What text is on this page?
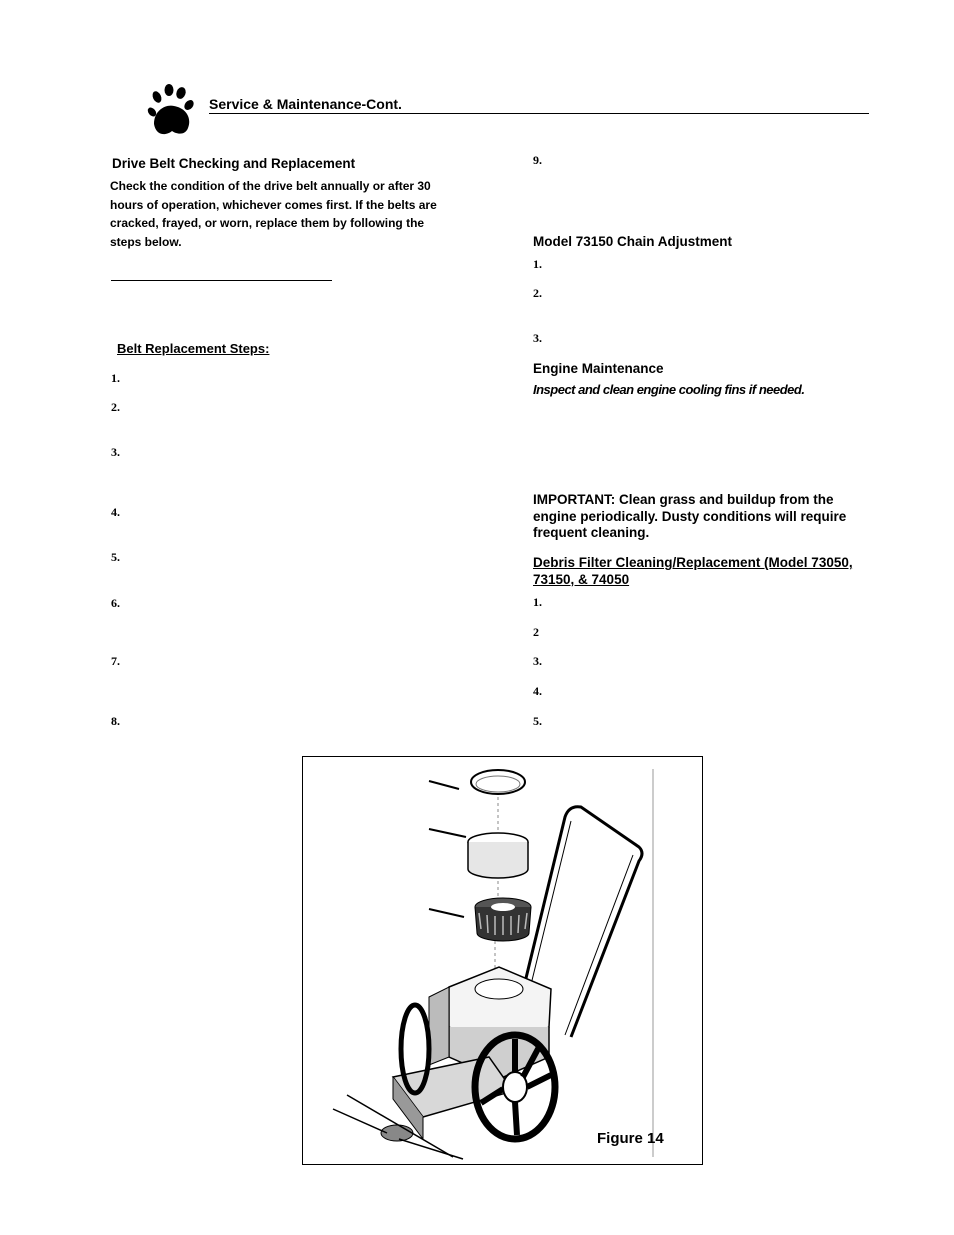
Service & Maintenance-Cont.
Drive Belt Checking and Replacement
Check the condition of the drive belt annually or after 30
hours of operation, whichever comes first. If the belts are
cracked, frayed, or worn, replace them by following the
steps below.
Belt Replacement Steps:
1.
2.
3.
4.
5.
6.
7.
8.
9.
Model 73150 Chain Adjustment
1.
2.
3.
Engine Maintenance
Inspect and clean engine cooling fins if needed.
IMPORTANT: Clean grass and buildup from the
engine periodically. Dusty conditions will require
frequent cleaning.
Debris Filter Cleaning/Replacement (Model 73050,
73150, & 74050
1.
2
3.
4.
5.
Figure 14
